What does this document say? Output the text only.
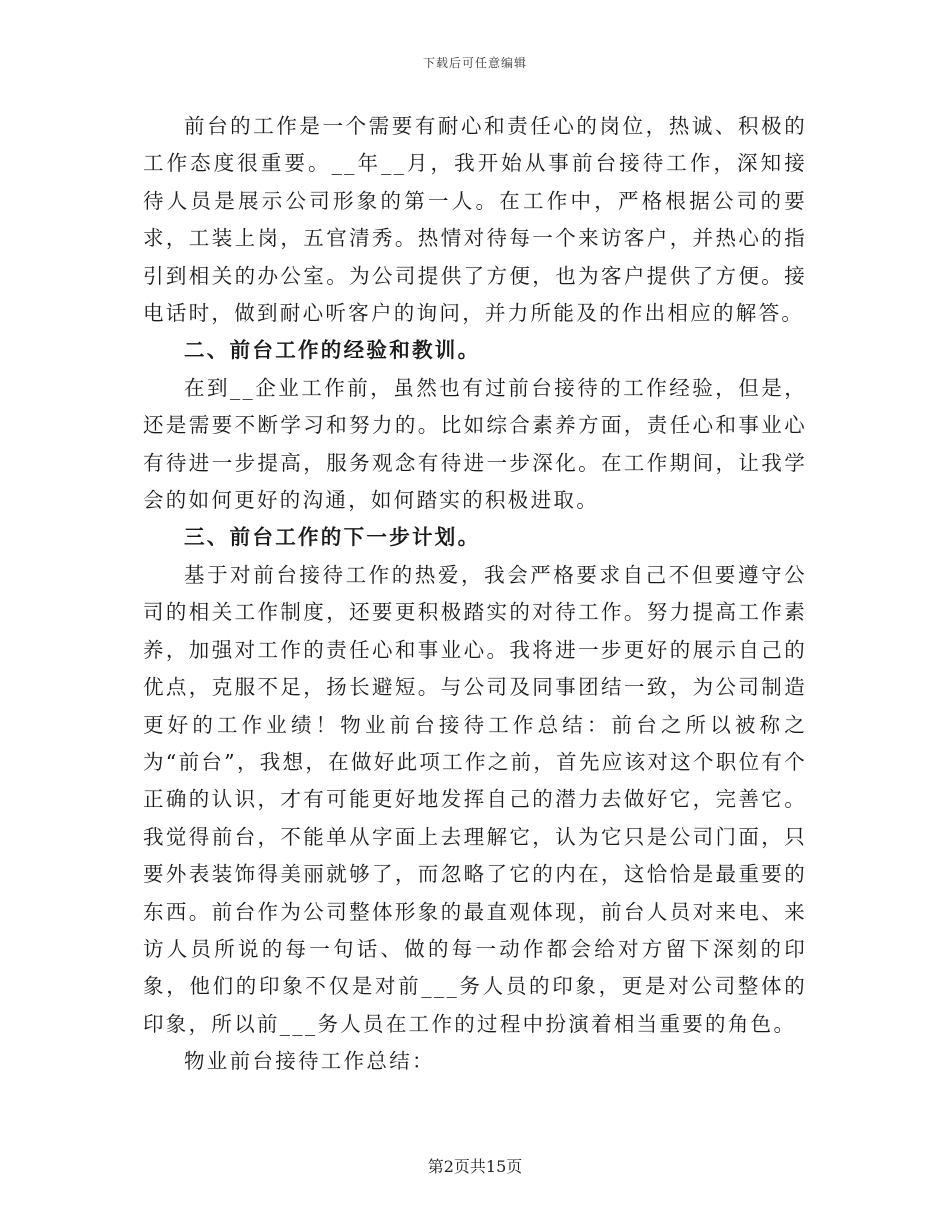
下载后可任意编辑

前台的工作是一个需要有耐心和责任心的岗位，热诚、积极的工作态度很重要。__年__月，我开始从事前台接待工作，深知接待人员是展示公司形象的第一人。在工作中，严格根据公司的要求，工装上岗，五官清秀。热情对待每一个来访客户，并热心的指引到相关的办公室。为公司提供了方便，也为客户提供了方便。接电话时，做到耐心听客户的询问，并力所能及的作出相应的解答。

二、前台工作的经验和教训。

在到__企业工作前，虽然也有过前台接待的工作经验，但是，还是需要不断学习和努力的。比如综合素养方面，责任心和事业心有待进一步提高，服务观念有待进一步深化。在工作期间，让我学会的如何更好的沟通，如何踏实的积极进取。

三、前台工作的下一步计划。

基于对前台接待工作的热爱，我会严格要求自己不但要遵守公司的相关工作制度，还要更积极踏实的对待工作。努力提高工作素养，加强对工作的责任心和事业心。我将进一步更好的展示自己的优点，克服不足，扬长避短。与公司及同事团结一致，为公司制造更好的工作业绩！物业前台接待工作总结：前台之所以被称之为“前台”，我想，在做好此项工作之前，首先应该对这个职位有个正确的认识，才有可能更好地发挥自己的潜力去做好它，完善它。我觉得前台，不能单从字面上去理解它，认为它只是公司门面，只要外表装饰得美丽就够了，而忽略了它的内在，这恰恰是最重要的东西。前台作为公司整体形象的最直观体现，前台人员对来电、来访人员所说的每一句话、做的每一动作都会给对方留下深刻的印象，他们的印象不仅是对前___务人员的印象，更是对公司整体的印象，所以前___务人员在工作的过程中扮演着相当重要的角色。

物业前台接待工作总结：

第2页共15页
